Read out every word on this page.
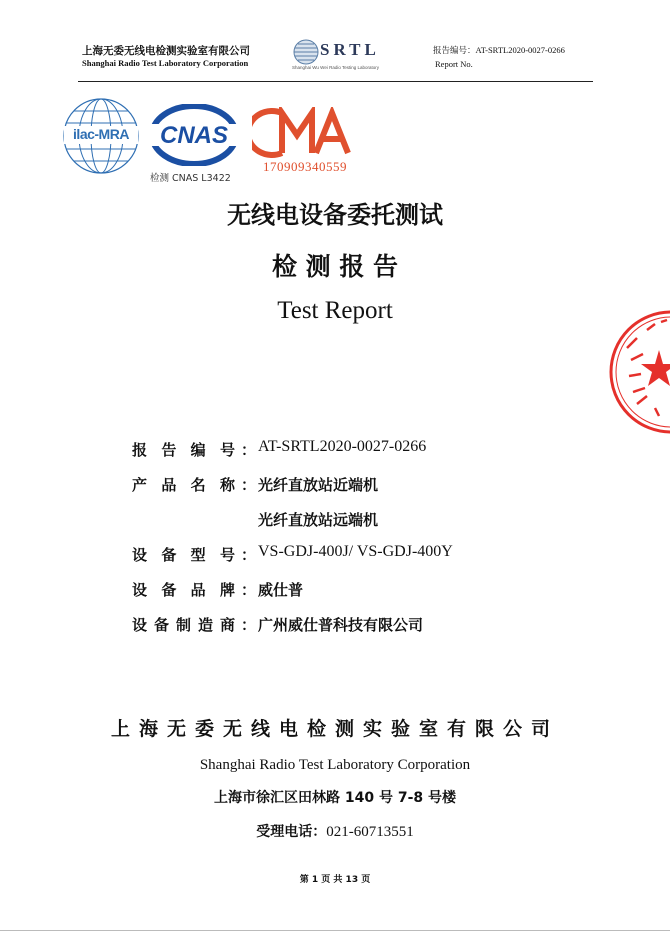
上海无委无线电检测实验室有限公司
Shanghai Radio Test Laboratory Corporation
SRTL
Shanghai Wu Wei Radio Testing Laboratory
报告编号：AT-SRTL2020-0027-0266
Report No.
ilac-MRA	CNAS
检测 CNAS L3422
170909340559
无线电设备委托测试
检 测 报 告
Test Report
报 告 编 号 ： AT-SRTL2020-0027-0266
产 品 名 称 ： 光纤直放站近端机
光纤直放站远端机
设 备 型 号 ： VS-GDJ-400J/ VS-GDJ-400Y
设 备 品 牌 ： 威仕普
设 备 制 造 商 ： 广州威仕普科技有限公司
上海无委无线电检测实验室有限公司
Shanghai Radio Test Laboratory Corporation
上海市徐汇区田林路 140 号 7-8 号楼
受理电话：021-60713551
第 1 页 共 13 页
